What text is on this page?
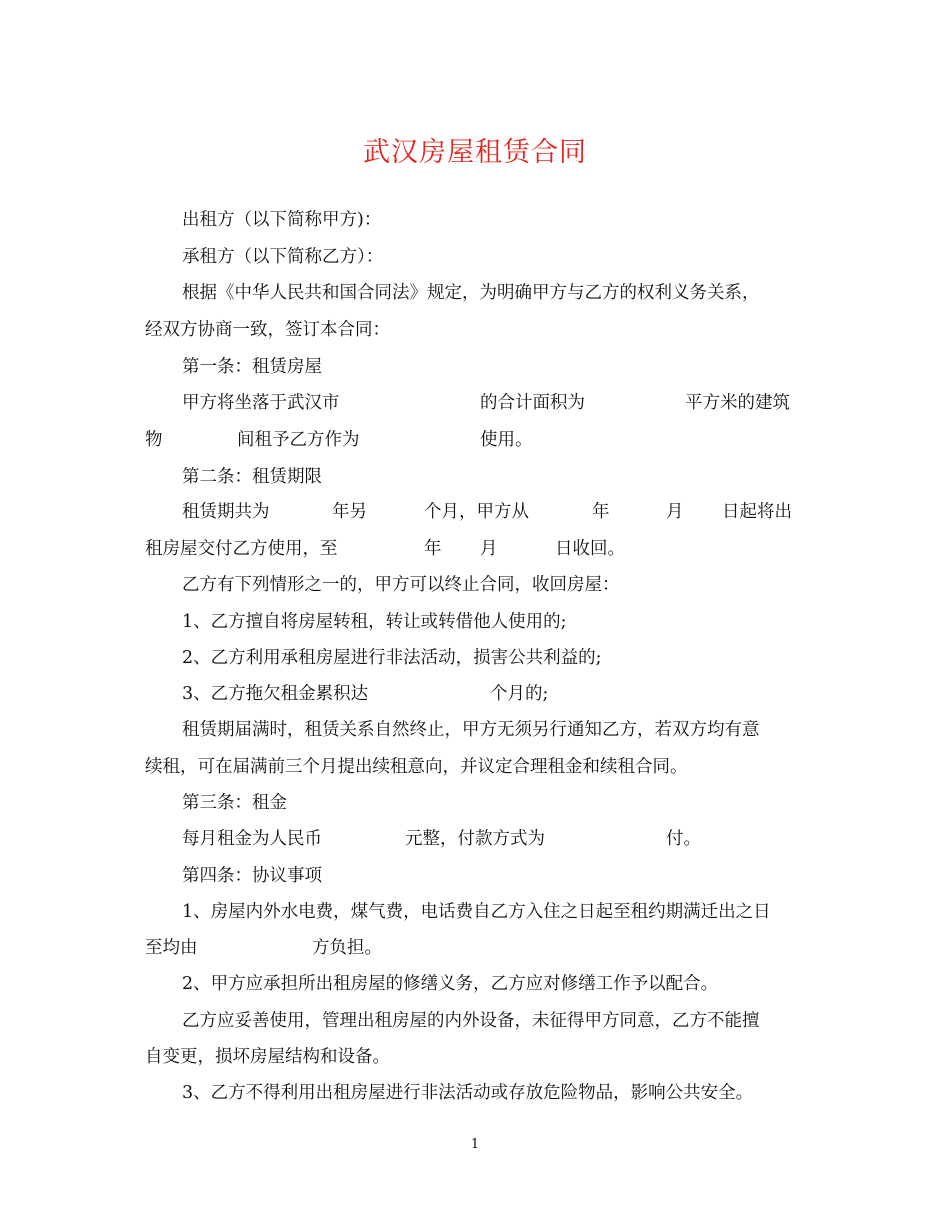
武汉房屋租赁合同
出租方（以下简称甲方)：
承租方（以下简称乙方）：
根据《中华人民共和国合同法》规定，为明确甲方与乙方的权利义务关系，
经双方协商一致，签订本合同：
第一条：租赁房屋
甲方将坐落于武汉市	的合计面积为	平方米的建筑
物	间租予乙方作为	使用。
第二条：租赁期限
租赁期共为	年另	个月，甲方从	年	月 日起将出
租房屋交付乙方使用，至	年 月	日收回。
乙方有下列情形之一的，甲方可以终止合同，收回房屋：
1、乙方擅自将房屋转租，转让或转借他人使用的;
2、乙方利用承租房屋进行非法活动，损害公共利益的;
3、乙方拖欠租金累积达	个月的;
租赁期届满时，租赁关系自然终止，甲方无须另行通知乙方，若双方均有意
续租，可在届满前三个月提出续租意向，并议定合理租金和续租合同。
第三条：租金
每月租金为人民币	元整，付款方式为	付。
第四条：协议事项
1、房屋内外水电费，煤气费，电话费自乙方入住之日起至租约期满迁出之日
至均由	方负担。
2、甲方应承担所出租房屋的修缮义务，乙方应对修缮工作予以配合。
乙方应妥善使用，管理出租房屋的内外设备，未征得甲方同意，乙方不能擅
自变更，损坏房屋结构和设备。
3、乙方不得利用出租房屋进行非法活动或存放危险物品，影响公共安全。
1
